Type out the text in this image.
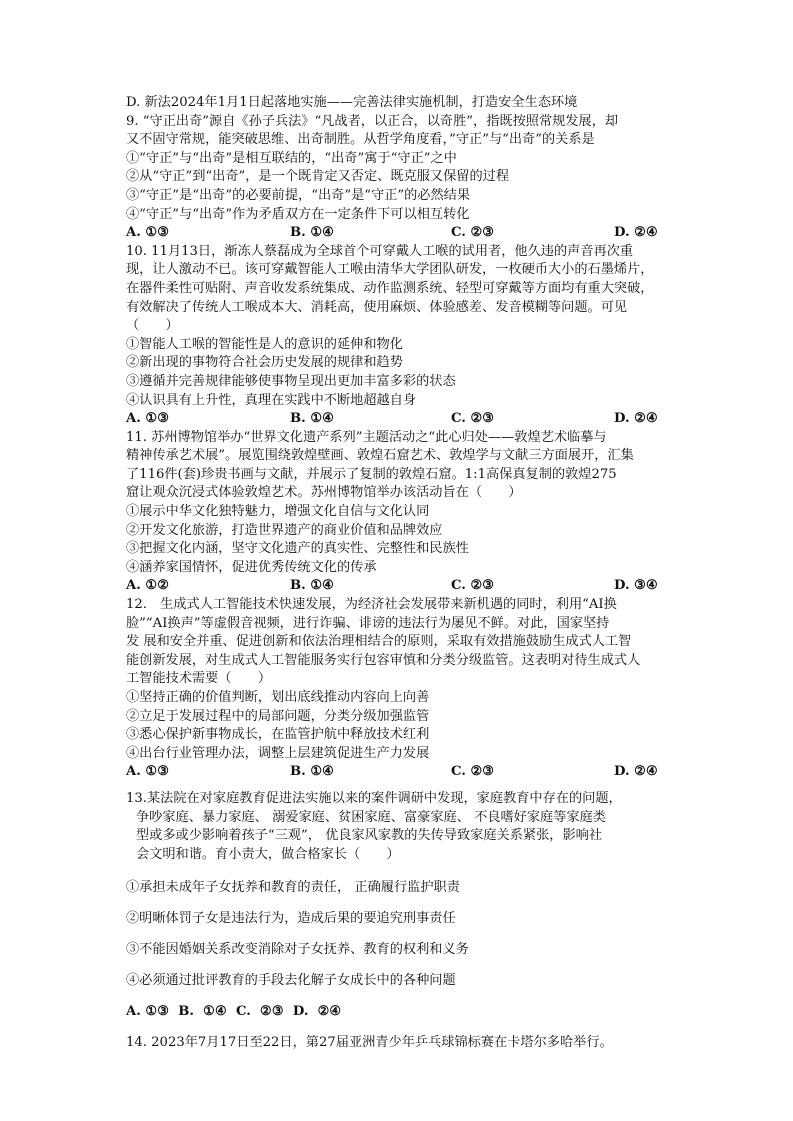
D. 新法2024年1月1日起落地实施——完善法律实施机制，打造安全生态环境
9. “守正出奇”源自《孙子兵法》“凡战者，以正合，以奇胜”，指既按照常规发展，却
又不固守常规，能突破思维、出奇制胜。从哲学角度看，”守正”与“出奇”的关系是
①“守正”与“出奇”是相互联结的，“出奇”寓于“守正”之中
②从“守正”到“出奇”，是一个既肯定又否定、既克服又保留的过程
③“守正”是“出奇”的必要前提，“出奇”是“守正”的必然结果
④“守正”与“出奇”作为矛盾双方在一定条件下可以相互转化
A. ①③	B. ①④	C. ②③	D. ②④
10. 11月13日，渐冻人蔡磊成为全球首个可穿戴人工喉的试用者，他久违的声音再次重
现，让人激动不已。该可穿戴智能人工喉由清华大学团队研发，一枚硬币大小的石墨烯片，
在器件柔性可贴附、声音收发系统集成、动作监测系统、轻型可穿戴等方面均有重大突破，
有效解决了传统人工喉成本大、消耗高，使用麻烦、体验感差、发音模糊等问题。可见
（　　）
①智能人工喉的智能性是人的意识的延伸和物化
②新出现的事物符合社会历史发展的规律和趋势
③遵循并完善规律能够使事物呈现出更加丰富多彩的状态
④认识具有上升性，真理在实践中不断地超越自身
A. ①③	B. ①④	C. ②③	D. ②④
11. 苏州博物馆举办“世界文化遗产系列”主题活动之“此心归处——敦煌艺术临摹与
精神传承艺术展”。展览围绕敦煌壁画、敦煌石窟艺术、敦煌学与文献三方面展开，汇集
了116件(套)珍贵书画与文献，并展示了复制的敦煌石窟。1:1高保真复制的敦煌275
窟让观众沉浸式体验敦煌艺术。苏州博物馆举办该活动旨在（　　）
①展示中华文化独特魅力，增强文化自信与文化认同
②开发文化旅游，打造世界遗产的商业价值和品牌效应
③把握文化内涵，坚守文化遗产的真实性、完整性和民族性
④涵养家国情怀，促进优秀传统文化的传承
A. ①②	B. ①④	C. ②③	D. ③④
12.　生成式人工智能技术快速发展，为经济社会发展带来新机遇的同时，利用“AI换
脸”“AI换声”等虚假音视频，进行诈骗、诽谤的违法行为屡见不鲜。对此，国家坚持
发 展和安全并重、促进创新和依法治理相结合的原则，采取有效措施鼓励生成式人工智
能创新发展，对生成式人工智能服务实行包容审慎和分类分级监管。这表明对待生成式人
工智能技术需要（　　）
①坚持正确的价值判断，划出底线推动内容向上向善
②立足于发展过程中的局部问题，分类分级加强监管
③悉心保护新事物成长，在监管护航中释放技术红利
④出台行业管理办法，调整上层建筑促进生产力发展
A. ①③	B. ①④	C. ②③	D. ②④
13.某法院在对家庭教育促进法实施以来的案件调研中发现，家庭教育中存在的问题，
争吵家庭、暴力家庭、 溺爱家庭、贫困家庭、富豪家庭、 不良嗜好家庭等家庭类
型或多或少影响着孩子“三观”， 优良家风家教的失传导致家庭关系紧张，影响社
会文明和谐。育小责大，做合格家长（　　）
①承担未成年子女抚养和教育的责任， 正确履行监护职责
②明晰体罚子女是违法行为，造成后果的要追究刑事责任
③不能因婚姻关系改变消除对子女抚养、教育的权利和义务
④必须通过批评教育的手段去化解子女成长中的各种问题
A. ①③  B.  ①④  C.  ②③  D.  ②④
14. 2023年7月17日至22日，第27届亚洲青少年乒乓球锦标赛在卡塔尔多哈举行。
